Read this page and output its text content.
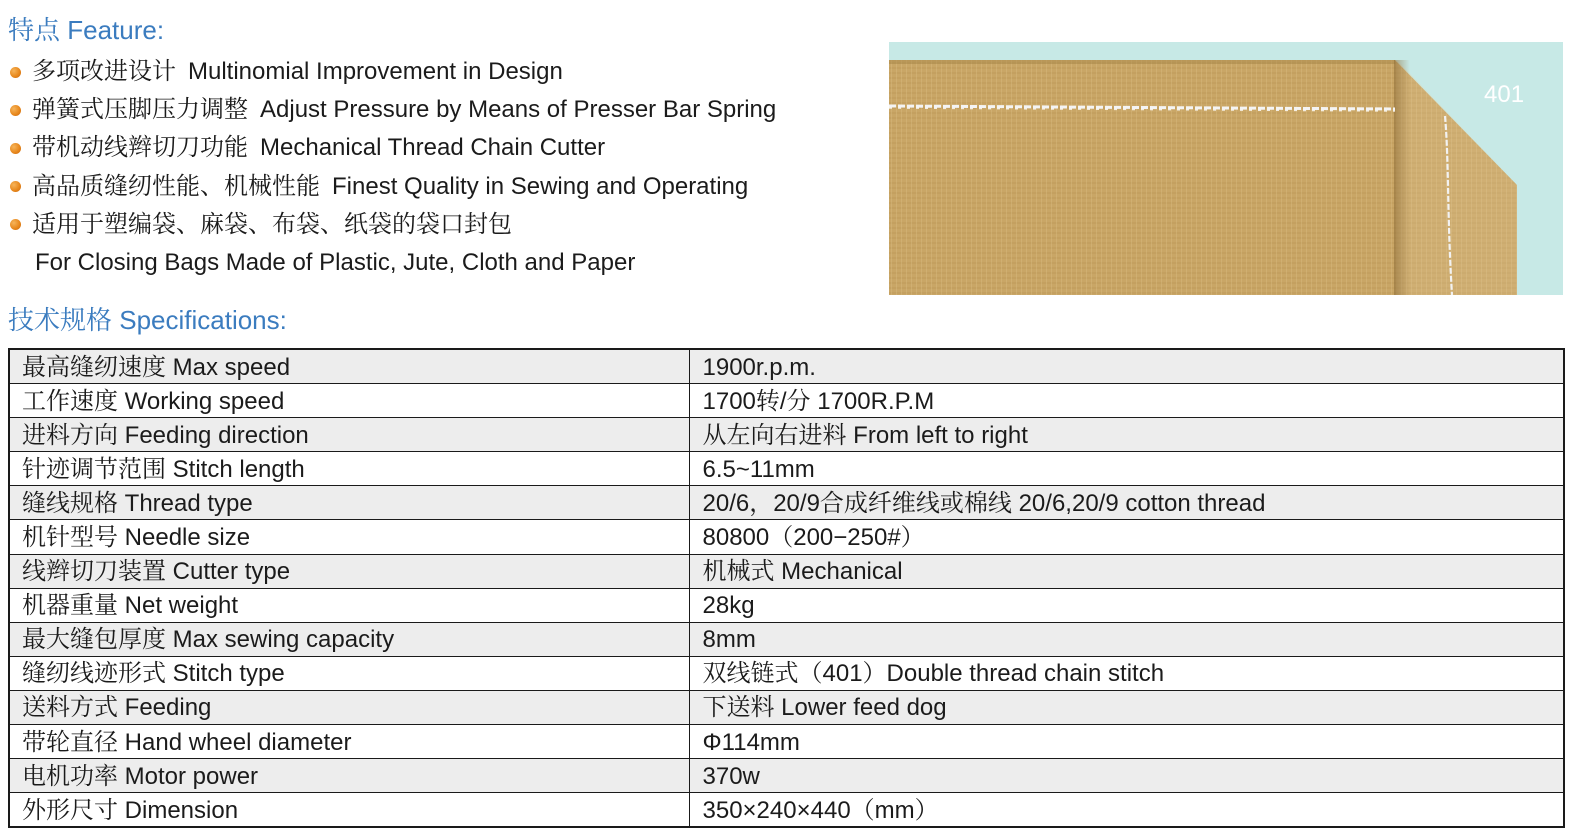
特点 Feature:
多项改进设计 Multinomial Improvement in Design
弹簧式压脚压力调整 Adjust Pressure by Means of Presser Bar Spring
带机动线辫切刀功能 Mechanical Thread Chain Cutter
高品质缝纫性能、机械性能 Finest Quality in Sewing and Operating
适用于塑编袋、麻袋、布袋、纸袋的袋口封包
For Closing Bags Made of Plastic, Jute, Cloth and Paper
401
技术规格 Specifications:
最高缝纫速度 Max speed	1900r.p.m.
工作速度 Working speed	1700转/分 1700R.P.M
进料方向 Feeding direction	从左向右进料 From left to right
针迹调节范围 Stitch length	6.5~11mm
缝线规格 Thread type	20/6，20/9合成纤维线或棉线 20/6,20/9 cotton thread
机针型号 Needle size	80800（200−250#）
线辫切刀装置 Cutter type	机械式 Mechanical
机器重量 Net weight	28kg
最大缝包厚度 Max sewing capacity	8mm
缝纫线迹形式 Stitch type	双线链式（401）Double thread chain stitch
送料方式 Feeding	下送料 Lower feed dog
带轮直径 Hand wheel diameter	Φ114mm
电机功率 Motor power	370w
外形尺寸 Dimension	350×240×440（mm）
